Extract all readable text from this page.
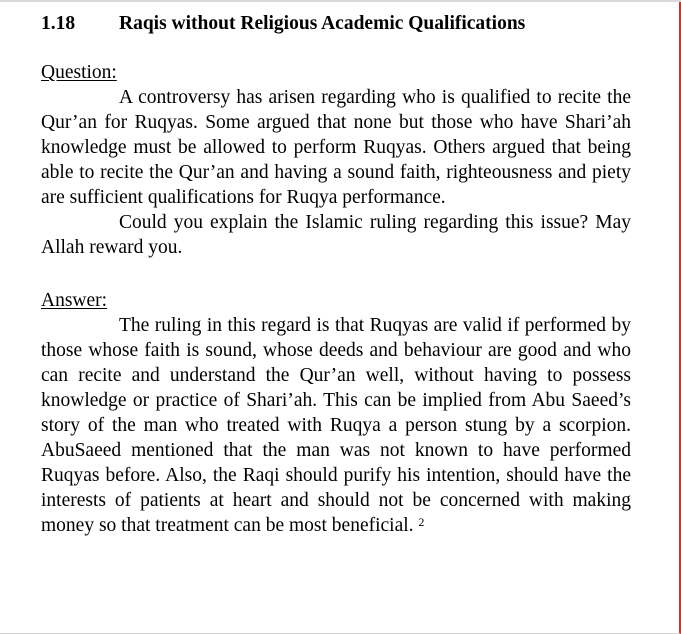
1.18 Raqis without Religious Academic Qualifications
Question:

A controversy has arisen regarding who is qualified to recite the Qur’an for Ruqyas. Some argued that none but those who have Shari’ah knowledge must be allowed to perform Ruqyas. Others argued that being able to recite the Qur’an and having a sound faith, righteousness and piety are sufficient qualifications for Ruqya performance.

Could you explain the Islamic ruling regarding this issue? May Allah reward you.

Answer:

The ruling in this regard is that Ruqyas are valid if performed by those whose faith is sound, whose deeds and behaviour are good and who can recite and understand the Qur’an well, without having to possess knowledge or practice of Shari’ah. This can be implied from Abu Saeed’s story of the man who treated with Ruqya a person stung by a scorpion. AbuSaeed mentioned that the man was not known to have performed Ruqyas before. Also, the Raqi should purify his intention, should have the interests of patients at heart and should not be concerned with making money so that treatment can be most beneficial. $^2$
